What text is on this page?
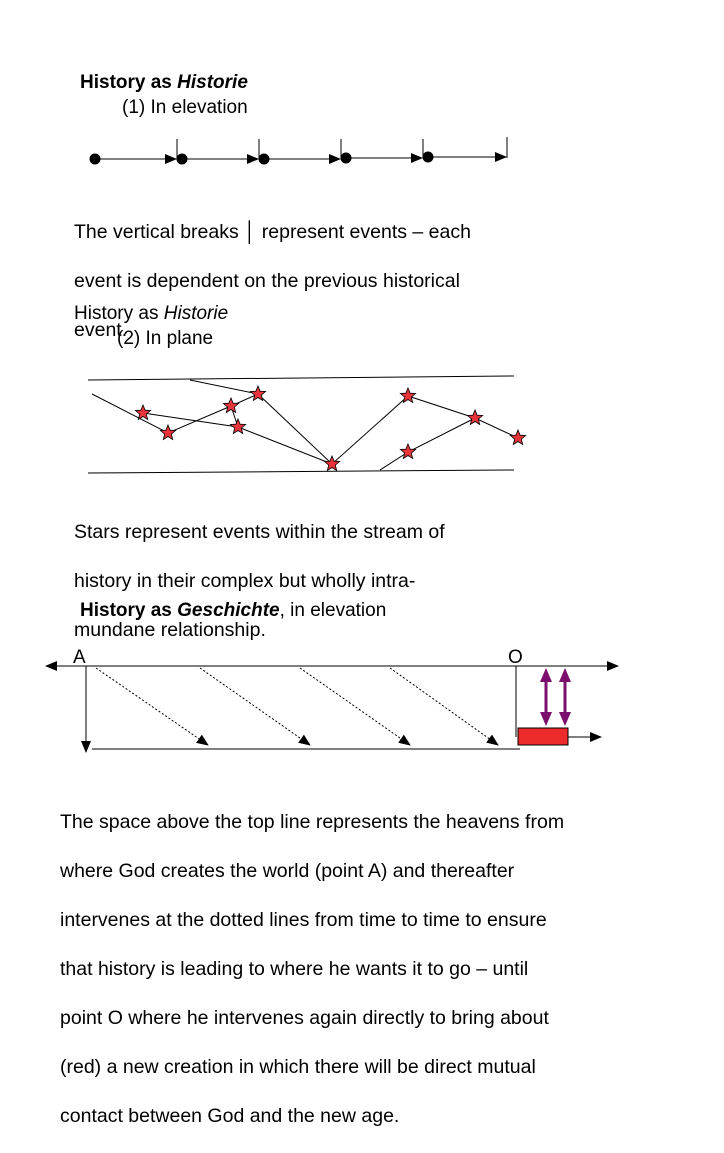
History as Historie
(1) In elevation

The vertical breaks │ represent events – each

event is dependent on the previous historical

event.

History as Historie
(2) In plane

Stars represent events within the stream of

history in their complex but wholly intra-

mundane relationship.

History as Geschichte, in elevation
A	O

The space above the top line represents the heavens from

where God creates the world (point A) and thereafter

intervenes at the dotted lines from time to time to ensure

that history is leading to where he wants it to go – until

point O where he intervenes again directly to bring about

(red) a new creation in which there will be direct mutual

contact between God and the new age.
